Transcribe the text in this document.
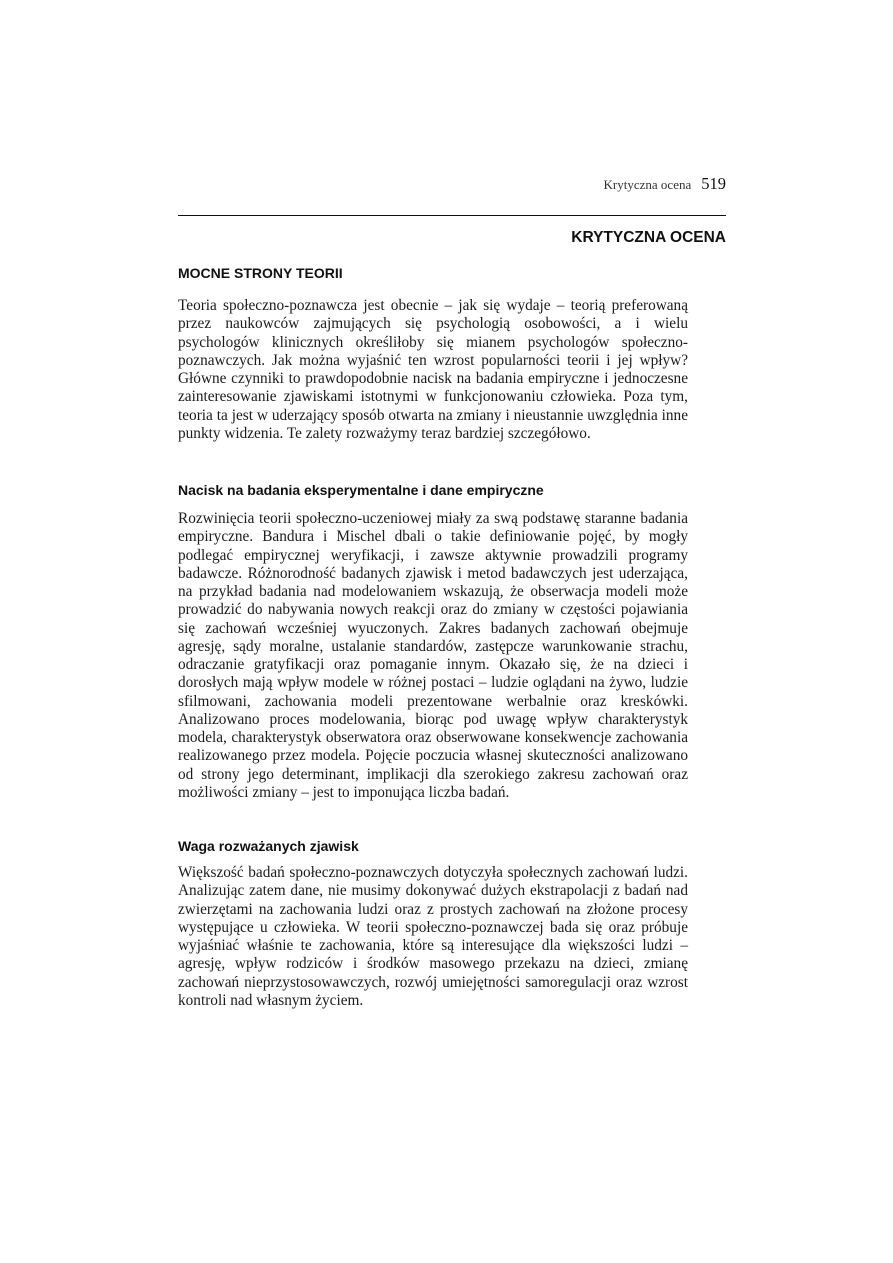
Krytyczna ocena 519
KRYTYCZNA OCENA
MOCNE STRONY TEORII

Teoria społeczno-poznawcza jest obecnie – jak się wydaje – teorią preferowaną przez naukowców zajmujących się psychologią osobowości, a i wielu psychologów klinicznych określiłoby się mianem psychologów społeczno-poznawczych. Jak można wyjaśnić ten wzrost popularności teorii i jej wpływ? Główne czynniki to prawdopodobnie nacisk na badania empiryczne i jednoczesne zainteresowanie zjawiskami istotnymi w funkcjonowaniu człowieka. Poza tym, teoria ta jest w uderzający sposób otwarta na zmiany i nieustannie uwzględnia inne punkty widzenia. Te zalety rozważymy teraz bardziej szczegółowo.

Nacisk na badania eksperymentalne i dane empiryczne

Rozwinięcia teorii społeczno-uczeniowej miały za swą podstawę staranne badania empiryczne. Bandura i Mischel dbali o takie definiowanie pojęć, by mogły podlegać empirycznej weryfikacji, i zawsze aktywnie prowadzili programy badawcze. Różnorodność badanych zjawisk i metod badawczych jest uderzająca, na przykład badania nad modelowaniem wskazują, że obserwacja modeli może prowadzić do nabywania nowych reakcji oraz do zmiany w częstości pojawiania się zachowań wcześniej wyuczonych. Zakres badanych zachowań obejmuje agresję, sądy moralne, ustalanie standardów, zastępcze warunkowanie strachu, odraczanie gratyfikacji oraz pomaganie innym. Okazało się, że na dzieci i dorosłych mają wpływ modele w różnej postaci – ludzie oglądani na żywo, ludzie sfilmowani, zachowania modeli prezentowane werbalnie oraz kreskówki. Analizowano proces modelowania, biorąc pod uwagę wpływ charakterystyk modela, charakterystyk obserwatora oraz obserwowane konsekwencje zachowania realizowanego przez modela. Pojęcie poczucia własnej skuteczności analizowano od strony jego determinant, implikacji dla szerokiego zakresu zachowań oraz możliwości zmiany – jest to imponująca liczba badań.

Waga rozważanych zjawisk

Większość badań społeczno-poznawczych dotyczyła społecznych zachowań ludzi. Analizując zatem dane, nie musimy dokonywać dużych ekstrapolacji z badań nad zwierzętami na zachowania ludzi oraz z prostych zachowań na złożone procesy występujące u człowieka. W teorii społeczno-poznawczej bada się oraz próbuje wyjaśniać właśnie te zachowania, które są interesujące dla większości ludzi – agresję, wpływ rodziców i środków masowego przekazu na dzieci, zmianę zachowań nieprzystosowawczych, rozwój umiejętności samoregulacji oraz wzrost kontroli nad własnym życiem.
